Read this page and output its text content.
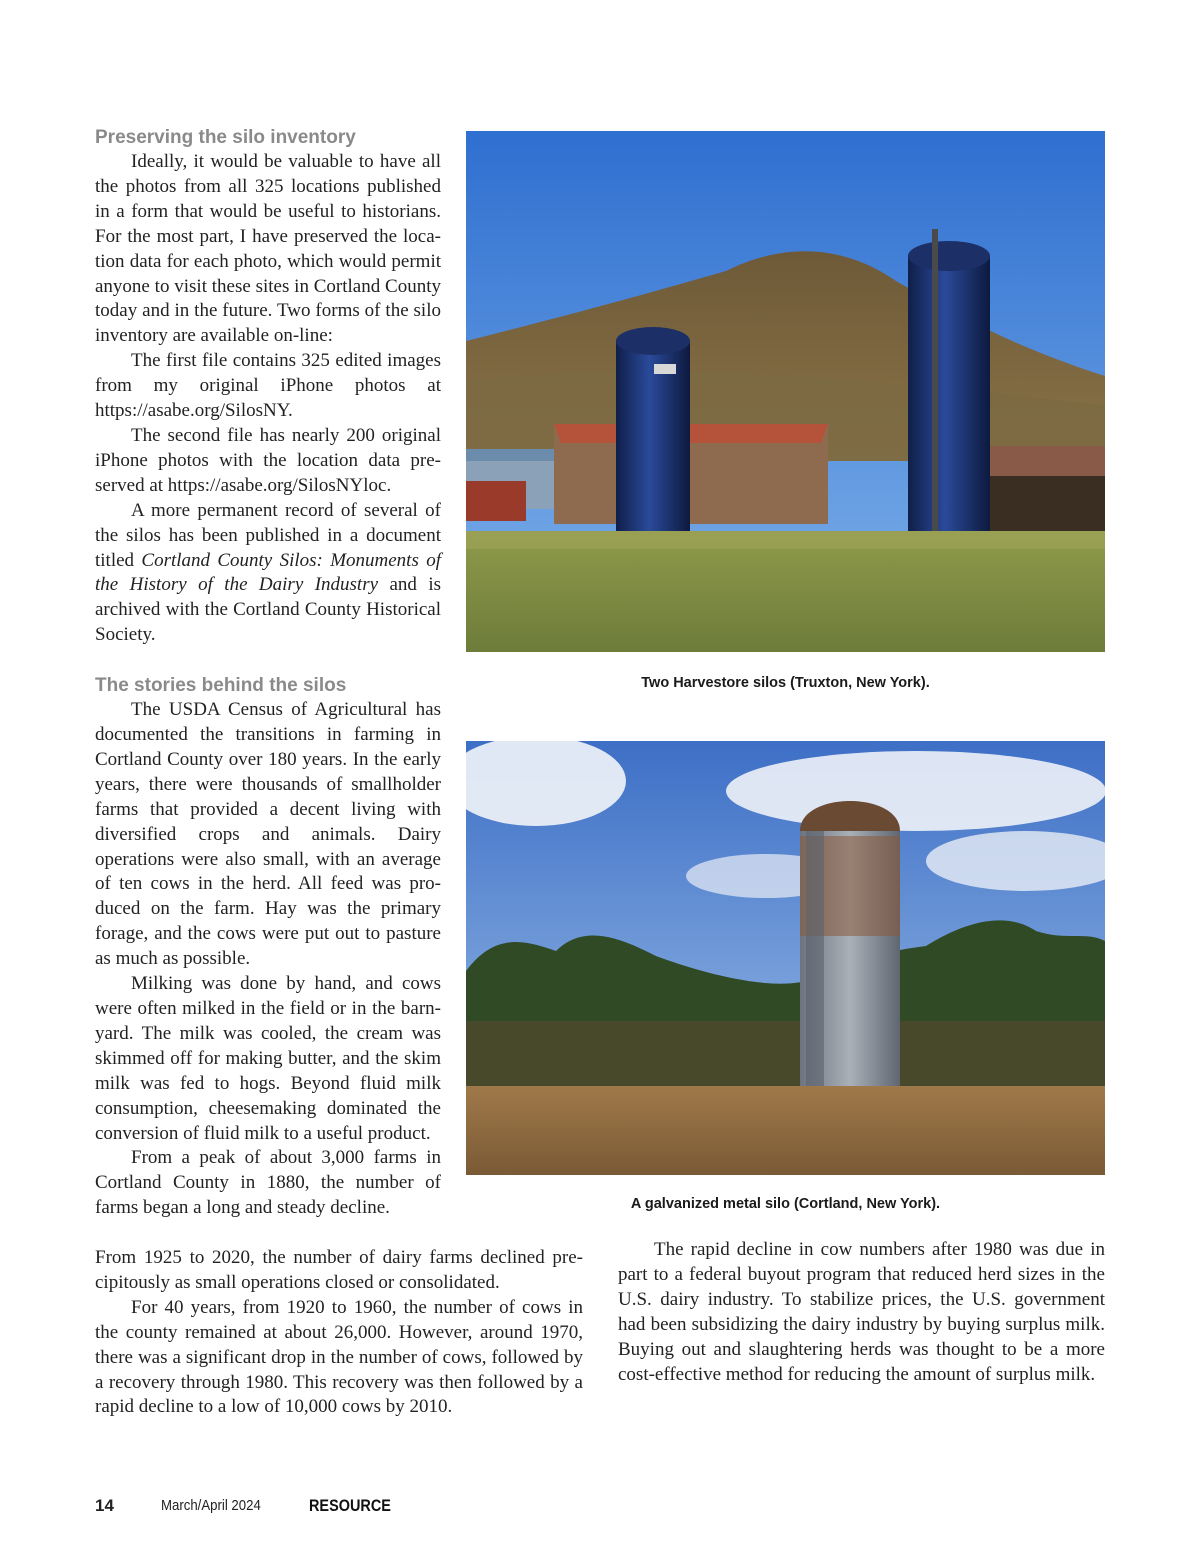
Preserving the silo inventory

Ideally, it would be valuable to have all the photos from all 325 locations published in a form that would be useful to historians. For the most part, I have preserved the location data for each photo, which would permit anyone to visit these sites in Cortland County today and in the future. Two forms of the silo inventory are available on-line:

The first file contains 325 edited images from my original iPhone photos at https://asabe.org/SilosNY.

The second file has nearly 200 original iPhone photos with the location data preserved at https://asabe.org/SilosNYloc.

A more permanent record of several of the silos has been published in a document titled Cortland County Silos: Monuments of the History of the Dairy Industry and is archived with the Cortland County Historical Society.

The stories behind the silos

The USDA Census of Agricultural has documented the transitions in farming in Cortland County over 180 years. In the early years, there were thousands of smallholder farms that provided a decent living with diversified crops and animals. Dairy operations were also small, with an average of ten cows in the herd. All feed was produced on the farm. Hay was the primary forage, and the cows were put out to pasture as much as possible.

Milking was done by hand, and cows were often milked in the field or in the barnyard. The milk was cooled, the cream was skimmed off for making butter, and the skim milk was fed to hogs. Beyond fluid milk consumption, cheesemaking dominated the conversion of fluid milk to a useful product.

From a peak of about 3,000 farms in Cortland County in 1880, the number of farms began a long and steady decline.

From 1925 to 2020, the number of dairy farms declined precipitously as small operations closed or consolidated.

For 40 years, from 1920 to 1960, the number of cows in the county remained at about 26,000. However, around 1970, there was a significant drop in the number of cows, followed by a recovery through 1980. This recovery was then followed by a rapid decline to a low of 10,000 cows by 2010.

The rapid decline in cow numbers after 1980 was due in part to a federal buyout program that reduced herd sizes in the U.S. dairy industry. To stabilize prices, the U.S. government had been subsidizing the dairy industry by buying surplus milk. Buying out and slaughtering herds was thought to be a more cost-effective method for reducing the amount of surplus milk.

Two Harvestore silos (Truxton, New York).
A galvanized metal silo (Cortland, New York).
14	March/April 2024	RESOURCE
